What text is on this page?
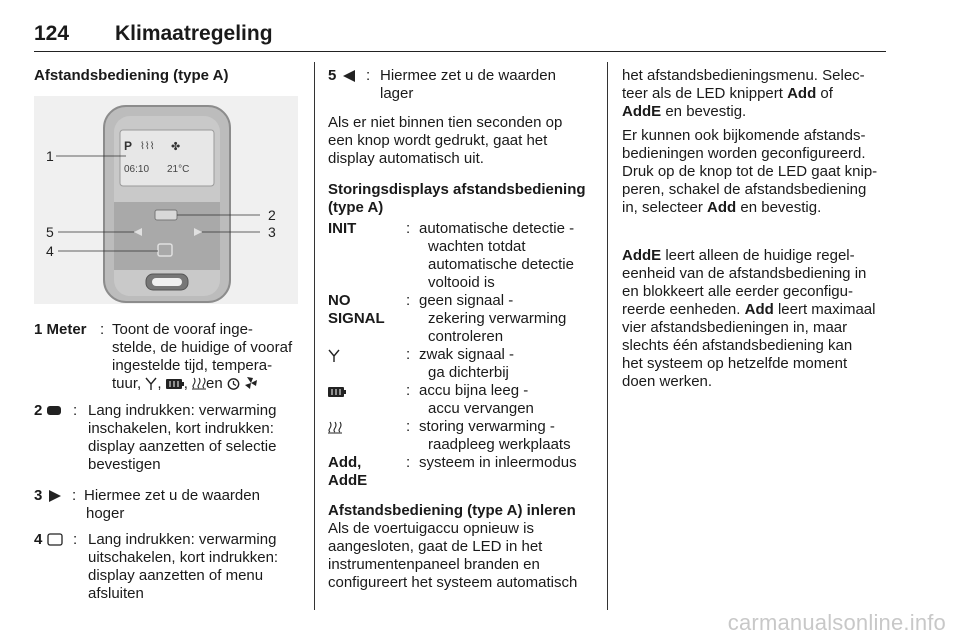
124 Klimaatregeling
Afstandsbediening (type A)
P ⌇⌇⌇ ✤
06:10 21°C
1
2
3
4
5
1 Meter : Toont de vooraf inge-
stelde, de huidige of vooraf
ingestelde tijd, tempera-
tuur, , , en
2 : Lang indrukken: verwarming
inschakelen, kort indrukken:
display aanzetten of selectie
bevestigen
3 : Hiermee zet u de waarden
hoger
4 : Lang indrukken: verwarming
uitschakelen, kort indrukken:
display aanzetten of menu
afsluiten
5 : Hiermee zet u de waarden
lager
Als er niet binnen tien seconden op
een knop wordt gedrukt, gaat het
display automatisch uit.
Storingsdisplays afstandsbediening
(type A)
INIT	: automatische detectie -
wachten totdat
automatische detectie
voltooid is
NO
SIGNAL
: geen signaal -
zekering verwarming
controleren
: zwak signaal -
ga dichterbij
: accu bijna leeg -
accu vervangen
: storing verwarming -
raadpleeg werkplaats
Add,
AddE
: systeem in inleermodus
Afstandsbediening (type A) inleren
Als de voertuigaccu opnieuw is
aangesloten, gaat de LED in het
instrumentenpaneel branden en
configureert het systeem automatisch
het afstandsbedieningsmenu. Selec-
teer als de LED knippert Add of
AddE en bevestig.
Er kunnen ook bijkomende afstands-
bedieningen worden geconfigureerd.
Druk op de knop tot de LED gaat knip-
peren, schakel de afstandsbediening
in, selecteer Add en bevestig.
AddE leert alleen de huidige regel-
eenheid van de afstandsbediening in
en blokkeert alle eerder geconfigu-
reerde eenheden. Add leert maximaal
vier afstandsbedieningen in, maar
slechts één afstandsbediening kan
het systeem op hetzelfde moment
doen werken.
carmanualsonline.info
